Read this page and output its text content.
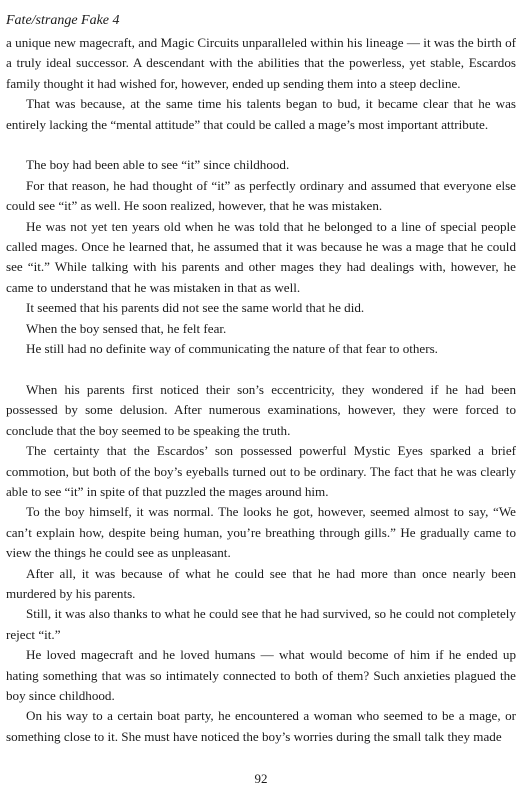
Fate/strange Fake 4

a unique new magecraft, and Magic Circuits unparalleled within his lineage — it was the birth of a truly ideal successor. A descendant with the abilities that the powerless, yet stable, Escardos family thought it had wished for, however, ended up sending them into a steep decline.

That was because, at the same time his talents began to bud, it became clear that he was entirely lacking the “mental attitude” that could be called a mage’s most important attribute.

The boy had been able to see “it” since childhood.

For that reason, he had thought of “it” as perfectly ordinary and assumed that everyone else could see “it” as well. He soon realized, however, that he was mistaken.

He was not yet ten years old when he was told that he belonged to a line of special people called mages. Once he learned that, he assumed that it was because he was a mage that he could see “it.” While talking with his parents and other mages they had dealings with, however, he came to understand that he was mistaken in that as well.

It seemed that his parents did not see the same world that he did.

When the boy sensed that, he felt fear.

He still had no definite way of communicating the nature of that fear to others.

When his parents first noticed their son’s eccentricity, they wondered if he had been possessed by some delusion. After numerous examinations, however, they were forced to conclude that the boy seemed to be speaking the truth.

The certainty that the Escardos’ son possessed powerful Mystic Eyes sparked a brief commotion, but both of the boy’s eyeballs turned out to be ordinary. The fact that he was clearly able to see “it” in spite of that puzzled the mages around him.

To the boy himself, it was normal. The looks he got, however, seemed almost to say, “We can’t explain how, despite being human, you’re breathing through gills.” He gradually came to view the things he could see as unpleasant.

After all, it was because of what he could see that he had more than once nearly been murdered by his parents.

Still, it was also thanks to what he could see that he had survived, so he could not completely reject “it.”

He loved magecraft and he loved humans — what would become of him if he ended up hating something that was so intimately connected to both of them? Such anxieties plagued the boy since childhood.

On his way to a certain boat party, he encountered a woman who seemed to be a mage, or something close to it. She must have noticed the boy’s worries during the small talk they made

92
